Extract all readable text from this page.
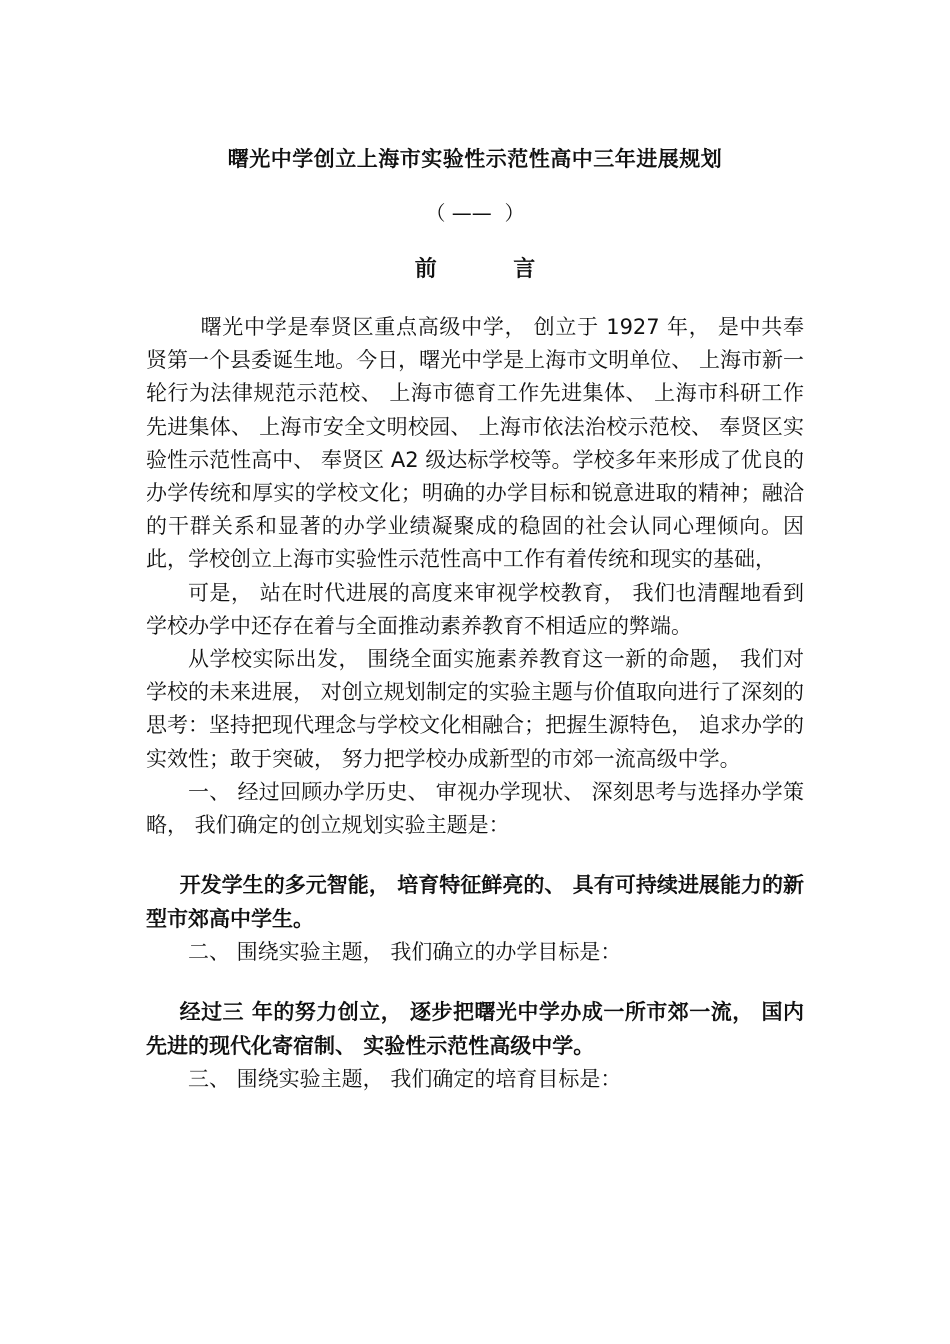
曙光中学创立上海市实验性示范性高中三年进展规划
（ ——  ）
前          言

曙光中学是奉贤区重点高级中学， 创立于 1927 年， 是中共奉贤第一个县委诞生地。今日，曙光中学是上海市文明单位、 上海市新一轮行为法律规范示范校、 上海市德育工作先进集体、 上海市科研工作先进集体、 上海市安全文明校园、 上海市依法治校示范校、 奉贤区实验性示范性高中、 奉贤区 A2 级达标学校等。学校多年来形成了优良的办学传统和厚实的学校文化；明确的办学目标和锐意进取的精神；融洽的干群关系和显著的办学业绩凝聚成的稳固的社会认同心理倾向。因此，学校创立上海市实验性示范性高中工作有着传统和现实的基础，

可是， 站在时代进展的高度来审视学校教育， 我们也清醒地看到学校办学中还存在着与全面推动素养教育不相适应的弊端。

从学校实际出发， 围绕全面实施素养教育这一新的命题， 我们对学校的未来进展， 对创立规划制定的实验主题与价值取向进行了深刻的思考：坚持把现代理念与学校文化相融合；把握生源特色， 追求办学的实效性；敢于突破， 努力把学校办成新型的市郊一流高级中学。

一、 经过回顾办学历史、 审视办学现状、 深刻思考与选择办学策略， 我们确定的创立规划实验主题是：

开发学生的多元智能， 培育特征鲜亮的、 具有可持续进展能力的新型市郊高中学生。

二、 围绕实验主题， 我们确立的办学目标是：

经过三 年的努力创立， 逐步把曙光中学办成一所市郊一流， 国内先进的现代化寄宿制、 实验性示范性高级中学。

三、 围绕实验主题， 我们确定的培育目标是：
